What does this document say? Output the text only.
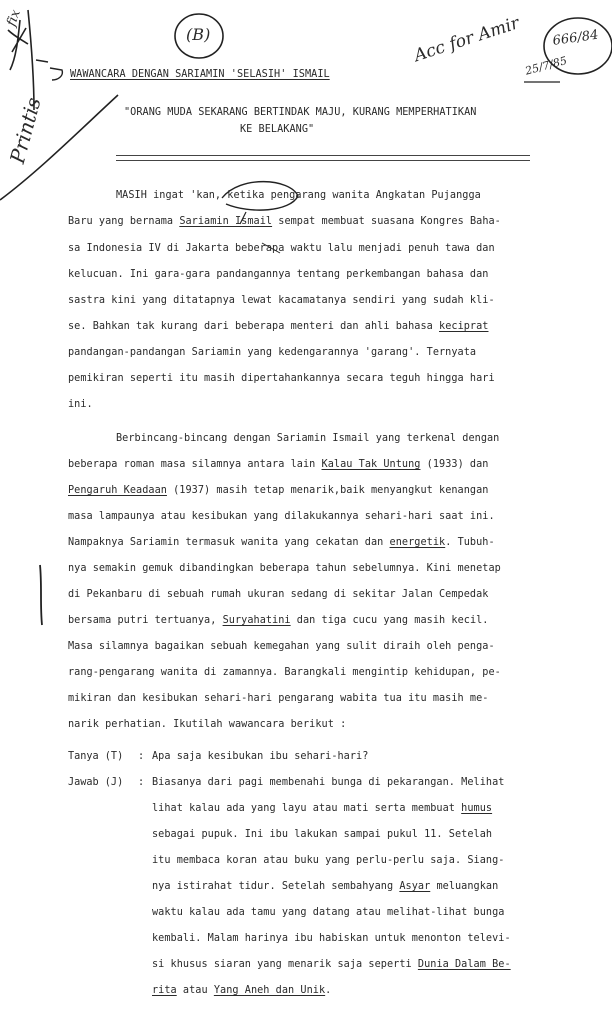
fix
Printis
(B)	Acc for Amir 25/7/85
666/84
WAWANCARA DENGAN SARIAMIN 'SELASIH' ISMAIL
"ORANG MUDA SEKARANG BERTINDAK MAJU, KURANG MEMPERHATIKAN
KE BELAKANG"
MASIH ingat 'kan, ketika pengarang wanita Angkatan Pujangga
Baru yang bernama Sariamin Ismail sempat membuat suasana Kongres Baha-
sa Indonesia IV di Jakarta beberapa waktu lalu menjadi penuh tawa dan
kelucuan. Ini gara-gara pandangannya tentang perkembangan bahasa dan
sastra kini yang ditatapnya lewat kacamatanya sendiri yang sudah kli-
se. Bahkan tak kurang dari beberapa menteri dan ahli bahasa keciprat
pandangan-pandangan Sariamin yang kedengarannya 'garang'. Ternyata
pemikiran seperti itu masih dipertahankannya secara teguh hingga hari
ini.
Berbincang-bincang dengan Sariamin Ismail yang terkenal dengan
beberapa roman masa silamnya antara lain Kalau Tak Untung (1933) dan
Pengaruh Keadaan (1937) masih tetap menarik,baik menyangkut kenangan
masa lampaunya atau kesibukan yang dilakukannya sehari-hari saat ini.
Nampaknya Sariamin termasuk wanita yang cekatan dan energetik. Tubuh-
nya semakin gemuk dibandingkan beberapa tahun sebelumnya. Kini menetap
di Pekanbaru di sebuah rumah ukuran sedang di sekitar Jalan Cempedak
bersama putri tertuanya, Suryahatini dan tiga cucu yang masih kecil.
Masa silamnya bagaikan sebuah kemegahan yang sulit diraih oleh penga-
rang-pengarang wanita di zamannya. Barangkali mengintip kehidupan, pe-
mikiran dan kesibukan sehari-hari pengarang wabita tua itu masih me-
narik perhatian. Ikutilah wawancara berikut :
Tanya (T) : Apa saja kesibukan ibu sehari-hari?
Jawab (J) : Biasanya dari pagi membenahi bunga di pekarangan. Melihat
lihat kalau ada yang layu atau mati serta membuat humus
sebagai pupuk. Ini ibu lakukan sampai pukul 11. Setelah
itu membaca koran atau buku yang perlu-perlu saja. Siang-
nya istirahat tidur. Setelah sembahyang Asyar meluangkan
waktu kalau ada tamu yang datang atau melihat-lihat bunga
kembali. Malam harinya ibu habiskan untuk menonton televi-
si khusus siaran yang menarik saja seperti Dunia Dalam Be-
rita atau Yang Aneh dan Unik.
